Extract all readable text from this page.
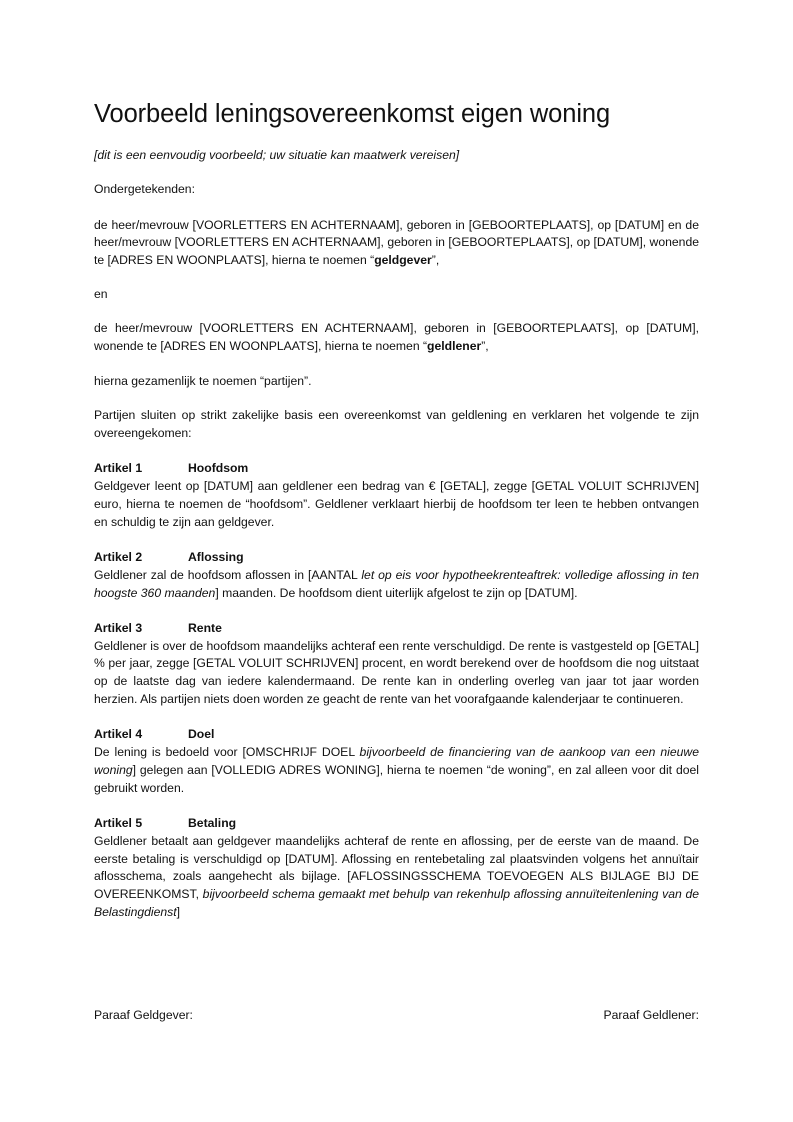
Voorbeeld leningsovereenkomst eigen woning

[dit is een eenvoudig voorbeeld; uw situatie kan maatwerk vereisen]

Ondergetekenden:

de heer/mevrouw [VOORLETTERS EN ACHTERNAAM], geboren in [GEBOORTEPLAATS], op [DATUM] en de heer/mevrouw [VOORLETTERS EN ACHTERNAAM], geboren in [GEBOORTEPLAATS], op [DATUM], wonende te [ADRES EN WOONPLAATS], hierna te noemen “geldgever”,

en

de heer/mevrouw [VOORLETTERS EN ACHTERNAAM], geboren in [GEBOORTEPLAATS], op [DATUM], wonende te [ADRES EN WOONPLAATS], hierna te noemen “geldlener”,

hierna gezamenlijk te noemen “partijen”.

Partijen sluiten op strikt zakelijke basis een overeenkomst van geldlening en verklaren het volgende te zijn overeengekomen:

Artikel 1	Hoofdsom

Geldgever leent op [DATUM] aan geldlener een bedrag van € [GETAL], zegge [GETAL VOLUIT SCHRIJVEN] euro, hierna te noemen de “hoofdsom”. Geldlener verklaart hierbij de hoofdsom ter leen te hebben ontvangen en schuldig te zijn aan geldgever.

Artikel 2	Aflossing

Geldlener zal de hoofdsom aflossen in [AANTAL let op eis voor hypotheekrenteaftrek: volledige aflossing in ten hoogste 360 maanden] maanden. De hoofdsom dient uiterlijk afgelost te zijn op [DATUM].

Artikel 3	Rente

Geldlener is over de hoofdsom maandelijks achteraf een rente verschuldigd. De rente is vastgesteld op [GETAL] % per jaar, zegge [GETAL VOLUIT SCHRIJVEN] procent, en wordt berekend over de hoofdsom die nog uitstaat op de laatste dag van iedere kalendermaand. De rente kan in onderling overleg van jaar tot jaar worden herzien. Als partijen niets doen worden ze geacht de rente van het voorafgaande kalenderjaar te continueren.

Artikel 4	Doel

De lening is bedoeld voor [OMSCHRIJF DOEL bijvoorbeeld de financiering van de aankoop van een nieuwe woning] gelegen aan [VOLLEDIG ADRES WONING], hierna te noemen “de woning”, en zal alleen voor dit doel gebruikt worden.

Artikel 5	Betaling

Geldlener betaalt aan geldgever maandelijks achteraf de rente en aflossing, per de eerste van de maand. De eerste betaling is verschuldigd op [DATUM]. Aflossing en rentebetaling zal plaatsvinden volgens het annuïtair aflosschema, zoals aangehecht als bijlage. [AFLOSSINGSSCHEMA TOEVOEGEN ALS BIJLAGE BIJ DE OVEREENKOMST, bijvoorbeeld schema gemaakt met behulp van rekenhulp aflossing annuïteitenlening van de Belastingdienst]

Paraaf Geldgever:	Paraaf Geldlener:
